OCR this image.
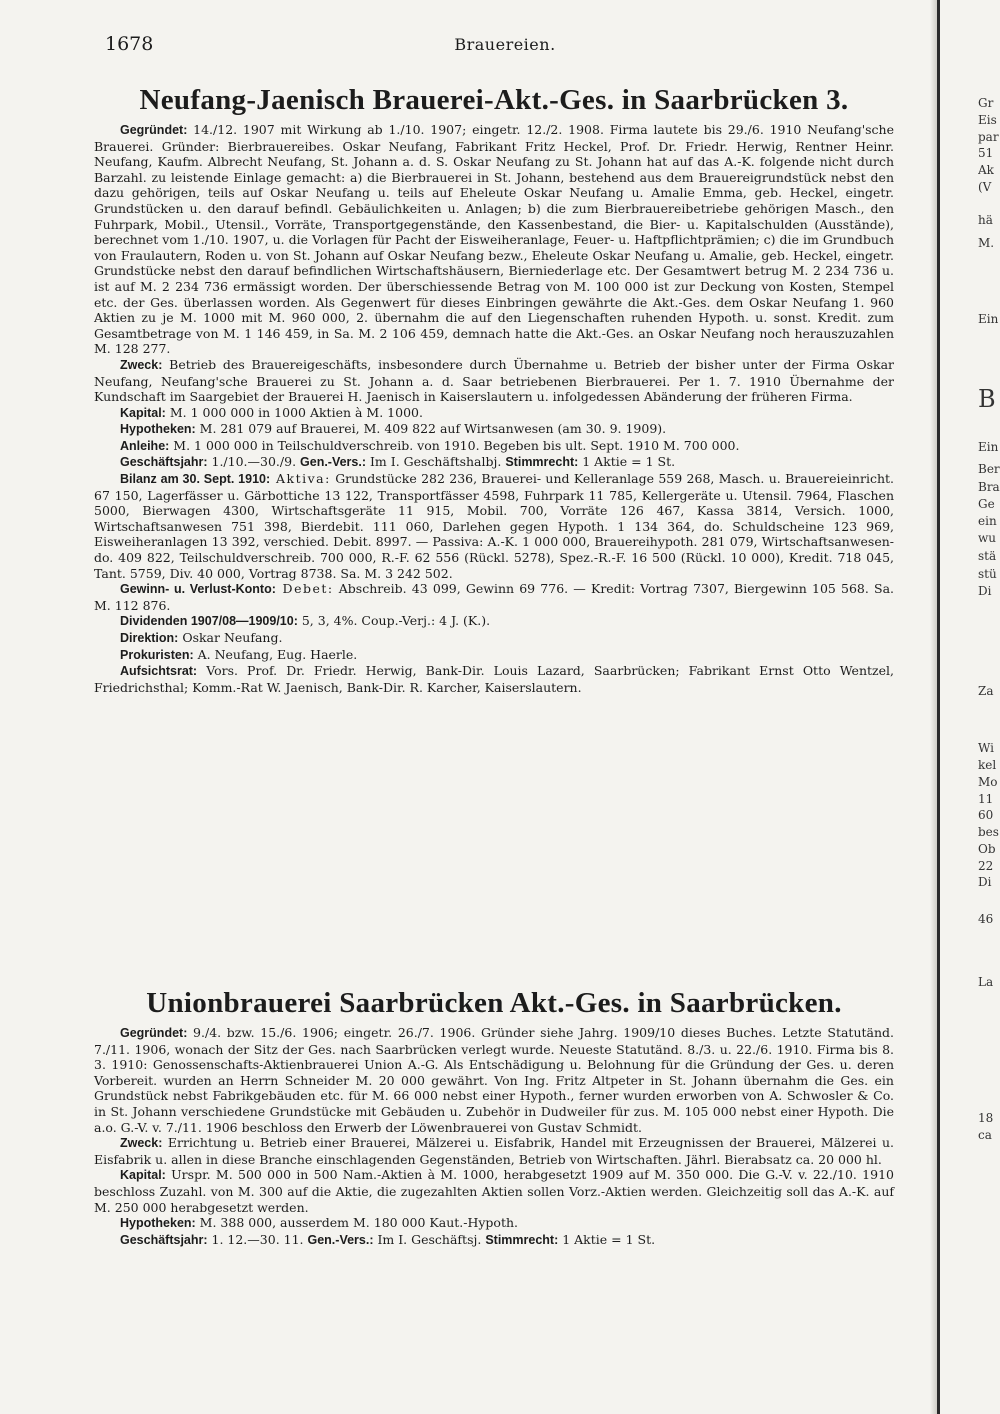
1678	Brauereien.
Neufang-Jaenisch Brauerei-Akt.-Ges. in Saarbrücken 3.

Gegründet: 14./12. 1907 mit Wirkung ab 1./10. 1907; eingetr. 12./2. 1908. Firma lautete bis 29./6. 1910 Neufang'sche Brauerei. Gründer: Bierbrauereibes. Oskar Neufang, Fabrikant Fritz Heckel, Prof. Dr. Friedr. Herwig, Rentner Heinr. Neufang, Kaufm. Albrecht Neufang, St. Johann a. d. S. Oskar Neufang zu St. Johann hat auf das A.-K. folgende nicht durch Barzahl. zu leistende Einlage gemacht: a) die Bierbrauerei in St. Johann, bestehend aus dem Brauereigrundstück nebst den dazu gehörigen, teils auf Oskar Neufang u. teils auf Eheleute Oskar Neufang u. Amalie Emma, geb. Heckel, eingetr. Grundstücken u. den darauf befindl. Gebäulichkeiten u. Anlagen; b) die zum Bierbrauereibetriebe gehörigen Masch., den Fuhrpark, Mobil., Utensil., Vorräte, Transportgegenstände, den Kassenbestand, die Bier- u. Kapitalschulden (Ausstände), berechnet vom 1./10. 1907, u. die Vorlagen für Pacht der Eisweiheranlage, Feuer- u. Haftpflichtprämien; c) die im Grundbuch von Fraulautern, Roden u. von St. Johann auf Oskar Neufang bezw., Eheleute Oskar Neufang u. Amalie, geb. Heckel, eingetr. Grundstücke nebst den darauf befindlichen Wirtschaftshäusern, Bierniederlage etc. Der Gesamtwert betrug M. 2 234 736 u. ist auf M. 2 234 736 ermässigt worden. Der überschiessende Betrag von M. 100 000 ist zur Deckung von Kosten, Stempel etc. der Ges. überlassen worden. Als Gegenwert für dieses Einbringen gewährte die Akt.-Ges. dem Oskar Neufang 1. 960 Aktien zu je M. 1000 mit M. 960 000, 2. übernahm die auf den Liegenschaften ruhenden Hypoth. u. sonst. Kredit. zum Gesamtbetrage von M. 1 146 459, in Sa. M. 2 106 459, demnach hatte die Akt.-Ges. an Oskar Neufang noch herauszuzahlen M. 128 277.

Zweck: Betrieb des Brauereigeschäfts, insbesondere durch Übernahme u. Betrieb der bisher unter der Firma Oskar Neufang, Neufang'sche Brauerei zu St. Johann a. d. Saar betriebenen Bierbrauerei. Per 1. 7. 1910 Übernahme der Kundschaft im Saargebiet der Brauerei H. Jaenisch in Kaiserslautern u. infolgedessen Abänderung der früheren Firma.

Kapital: M. 1 000 000 in 1000 Aktien à M. 1000.

Hypotheken: M. 281 079 auf Brauerei, M. 409 822 auf Wirtsanwesen (am 30. 9. 1909).

Anleihe: M. 1 000 000 in Teilschuldverschreib. von 1910. Begeben bis ult. Sept. 1910 M. 700 000.

Geschäftsjahr: 1./10.—30./9. Gen.-Vers.: Im I. Geschäftshalbj. Stimmrecht: 1 Aktie = 1 St.

Bilanz am 30. Sept. 1910: Aktiva: Grundstücke 282 236, Brauerei- und Kelleranlage 559 268, Masch. u. Brauereieinricht. 67 150, Lagerfässer u. Gärbottiche 13 122, Transportfässer 4598, Fuhrpark 11 785, Kellergeräte u. Utensil. 7964, Flaschen 5000, Bierwagen 4300, Wirtschaftsgeräte 11 915, Mobil. 700, Vorräte 126 467, Kassa 3814, Versich. 1000, Wirtschaftsanwesen 751 398, Bierdebit. 111 060, Darlehen gegen Hypoth. 1 134 364, do. Schuldscheine 123 969, Eisweiheranlagen 13 392, verschied. Debit. 8997. — Passiva: A.-K. 1 000 000, Brauereihypoth. 281 079, Wirtschaftsanwesen- do. 409 822, Teilschuldverschreib. 700 000, R.-F. 62 556 (Rückl. 5278), Spez.-R.-F. 16 500 (Rückl. 10 000), Kredit. 718 045, Tant. 5759, Div. 40 000, Vortrag 8738. Sa. M. 3 242 502.

Gewinn- u. Verlust-Konto: Debet: Abschreib. 43 099, Gewinn 69 776. — Kredit: Vortrag 7307, Biergewinn 105 568. Sa. M. 112 876.

Dividenden 1907/08—1909/10: 5, 3, 4%. Coup.-Verj.: 4 J. (K.).

Direktion: Oskar Neufang.

Prokuristen: A. Neufang, Eug. Haerle.

Aufsichtsrat: Vors. Prof. Dr. Friedr. Herwig, Bank-Dir. Louis Lazard, Saarbrücken; Fabrikant Ernst Otto Wentzel, Friedrichsthal; Komm.-Rat W. Jaenisch, Bank-Dir. R. Karcher, Kaiserslautern.

Unionbrauerei Saarbrücken Akt.-Ges. in Saarbrücken.

Gegründet: 9./4. bzw. 15./6. 1906; eingetr. 26./7. 1906. Gründer siehe Jahrg. 1909/10 dieses Buches. Letzte Statutänd. 7./11. 1906, wonach der Sitz der Ges. nach Saarbrücken verlegt wurde. Neueste Statutänd. 8./3. u. 22./6. 1910. Firma bis 8. 3. 1910: Genossenschafts-Aktienbrauerei Union A.-G. Als Entschädigung u. Belohnung für die Gründung der Ges. u. deren Vorbereit. wurden an Herrn Schneider M. 20 000 gewährt. Von Ing. Fritz Altpeter in St. Johann übernahm die Ges. ein Grundstück nebst Fabrikgebäuden etc. für M. 66 000 nebst einer Hypoth., ferner wurden erworben von A. Schwosler & Co. in St. Johann verschiedene Grundstücke mit Gebäuden u. Zubehör in Dudweiler für zus. M. 105 000 nebst einer Hypoth. Die a.o. G.-V. v. 7./11. 1906 beschloss den Erwerb der Löwenbrauerei von Gustav Schmidt.

Zweck: Errichtung u. Betrieb einer Brauerei, Mälzerei u. Eisfabrik, Handel mit Erzeugnissen der Brauerei, Mälzerei u. Eisfabrik u. allen in diese Branche einschlagenden Gegenständen, Betrieb von Wirtschaften. Jährl. Bierabsatz ca. 20 000 hl.

Kapital: Urspr. M. 500 000 in 500 Nam.-Aktien à M. 1000, herabgesetzt 1909 auf M. 350 000. Die G.-V. v. 22./10. 1910 beschloss Zuzahl. von M. 300 auf die Aktie, die zugezahlten Aktien sollen Vorz.-Aktien werden. Gleichzeitig soll das A.-K. auf M. 250 000 herabgesetzt werden.

Hypotheken: M. 388 000, ausserdem M. 180 000 Kaut.-Hypoth.

Geschäftsjahr: 1. 12.—30. 11. Gen.-Vers.: Im I. Geschäftsj. Stimmrecht: 1 Aktie = 1 St.

Gr
Eis
par
51
Ak
(V
hä
M.
Ein
B
Ein
Ber
Bra
Ge
ein
wu
stä
stü
Di
Za
Wi
kel
Mo
11
60
bes
Ob
22
Di
46
La
18
ca
